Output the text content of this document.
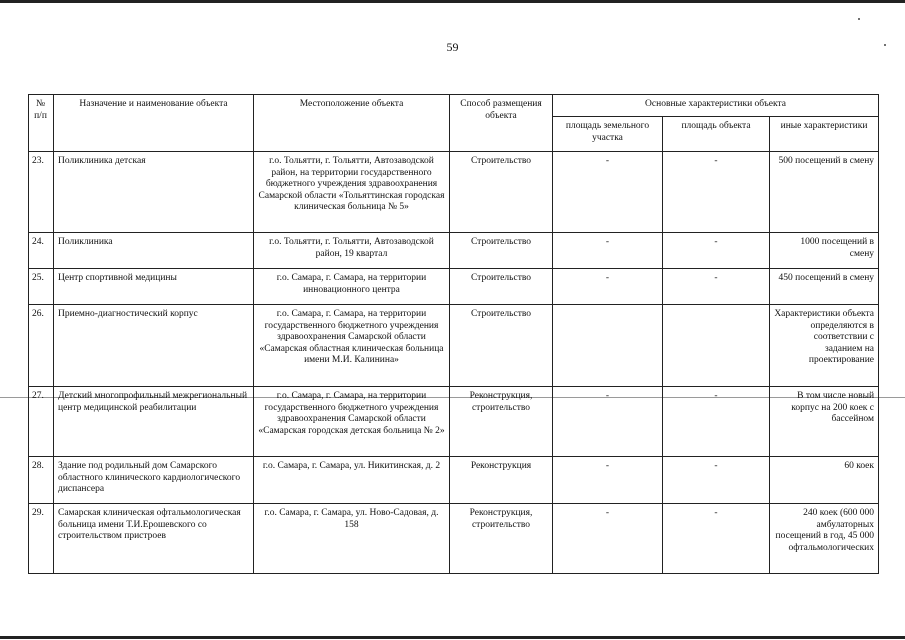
59
№ п/п	Назначение и наименование объекта	Местоположение объекта	Способ размещения объекта	Основные характеристики объекта		
				площадь земельного участка	площадь объекта	иные характеристики
23.	Поликлиника детская	г.о. Тольятти, г. Тольятти, Автозаводской район, на территории государственного бюджетного учреждения здравоохранения Самарской области «Тольяттинская городская клиническая больница № 5»	Строительство	-	-	500 посещений в смену
24.	Поликлиника	г.о. Тольятти, г. Тольятти, Автозаводской район, 19 квартал	Строительство	-	-	1000 посещений в смену
25.	Центр спортивной медицины	г.о. Самара, г. Самара, на территории инновационного центра	Строительство	-	-	450 посещений в смену
26.	Приемно-диагностический корпус	г.о. Самара, г. Самара, на территории государственного бюджетного учреждения здравоохранения Самарской области «Самарская областная клиническая больница имени М.И. Калинина»	Строительство			Характеристики объекта определяются в соответствии с заданием на проектирование
27.	Детский многопрофильный межрегиональный центр медицинской реабилитации	г.о. Самара, г. Самара, на территории государственного бюджетного учреждения здравоохранения Самарской области «Самарская городская детская больница № 2»	Реконструкция, строительство	-	-	В том числе новый корпус на 200 коек с бассейном
28.	Здание под родильный дом Самарского областного клинического кардиологического диспансера	г.о. Самара, г. Самара, ул. Никитинская, д. 2	Реконструкция	-	-	60 коек
29.	Самарская клиническая офтальмологическая больница имени Т.И.Ерошевского со строительством пристроев	г.о. Самара, г. Самара, ул. Ново-Садовая, д. 158	Реконструкция, строительство	-	-	240 коек (600 000 амбулаторных посещений в год, 45 000 офтальмологических
